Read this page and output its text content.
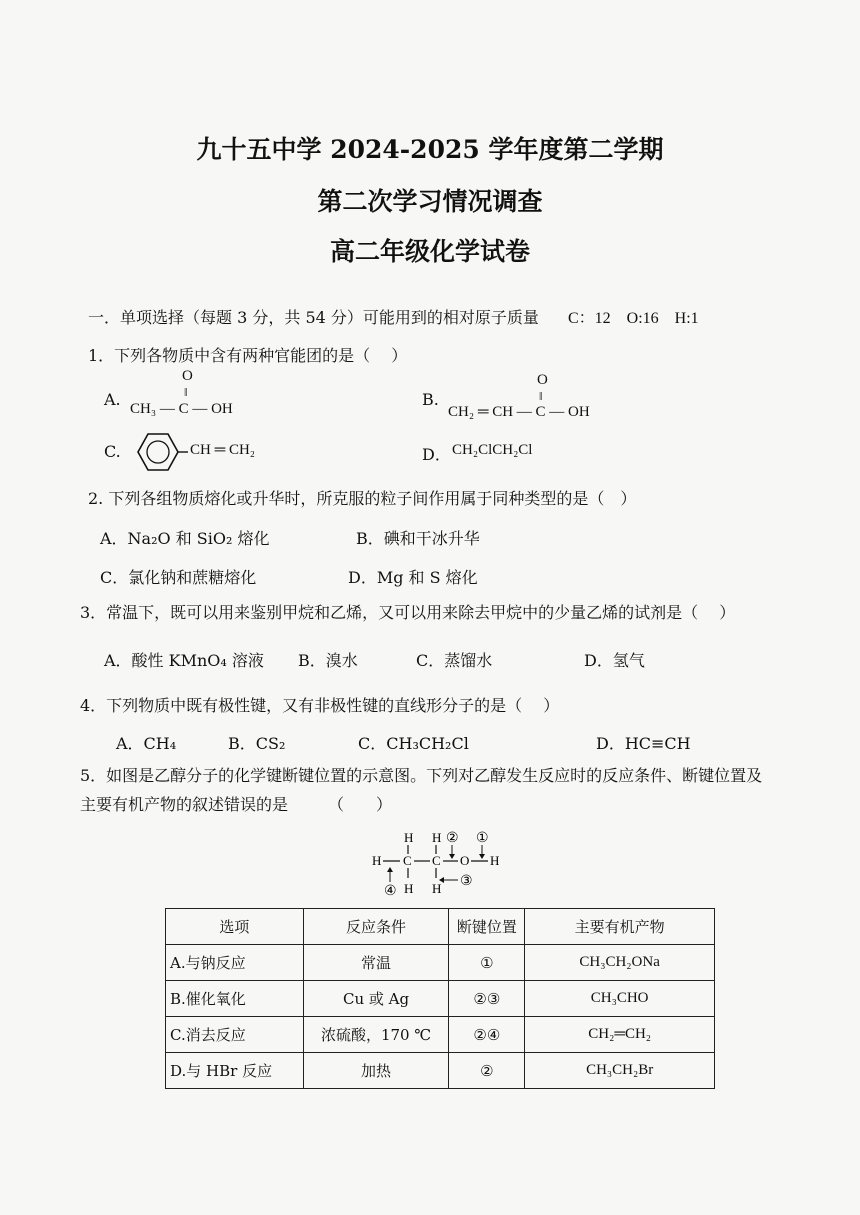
九十五中学 2024-2025 学年度第二学期
第二次学习情况调查
高二年级化学试卷
一．单项选择（每题 3 分，共 54 分）可能用到的相对原子质量 C：12　O:16　H:1
1．下列各物质中含有两种官能团的是（　 ）
A.
O
‖
CH₃ — C — OH	B.
O
‖
CH₂ ═ CH — C — OH
C.	CH ═ CH₂	D． CH₂ClCH₂Cl
2. 下列各组物质熔化或升华时，所克服的粒子间作用属于同种类型的是（　）
A．Na₂O 和 SiO₂ 熔化	B．碘和干冰升华
C．氯化钠和蔗糖熔化	D．Mg 和 S 熔化
3．常温下，既可以用来鉴别甲烷和乙烯，又可以用来除去甲烷中的少量乙烯的试剂是（　 ）
A．酸性 KMnO₄ 溶液 B．溴水	C．蒸馏水	D．氢气
4．下列物质中既有极性键，又有非极性键的直线形分子的是（　 ）
A．CH₄	B．CS₂	C．CH₃CH₂Cl	D．HC≡CH
5．如图是乙醇分子的化学键断键位置的示意图。下列对乙醇发生反应时的反应条件、断键位置及
主要有机产物的叙述错误的是　　　（　　）
H H
H C C O H
H H
② ①
③
④
选项	反应条件	断键位置	主要有机产物
A.与钠反应	常温	①	CH₃CH₂ONa
B.催化氧化	Cu 或 Ag	②③	CH₃CHO
C.消去反应	浓硫酸，170 ℃	②④	CH₂═CH₂
D.与 HBr 反应	加热	②	CH₃CH₂Br
